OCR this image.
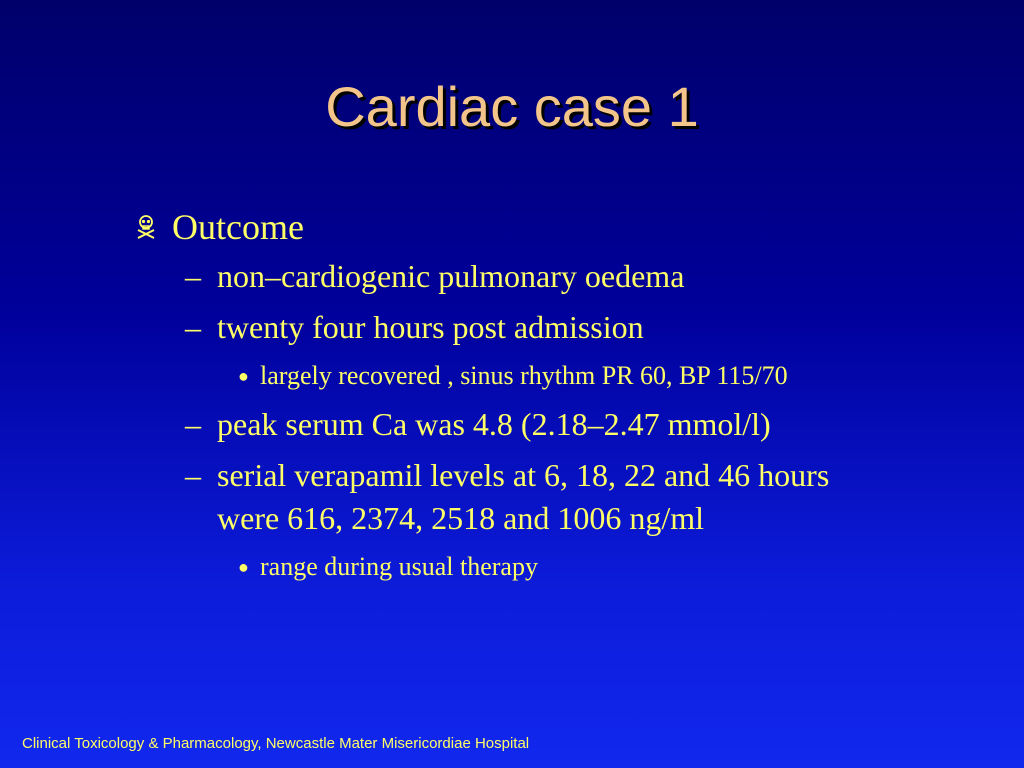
Cardiac case 1
Outcome
– non–cardiogenic pulmonary oedema
– twenty four hours post admission
● largely recovered , sinus rhythm PR 60, BP 115/70
– peak serum Ca was 4.8 (2.18–2.47 mmol/l)
– serial verapamil levels at 6, 18, 22 and 46 hours were 616, 2374, 2518 and 1006 ng/ml
● range during usual therapy
Clinical Toxicology & Pharmacology, Newcastle Mater Misericordiae Hospital
